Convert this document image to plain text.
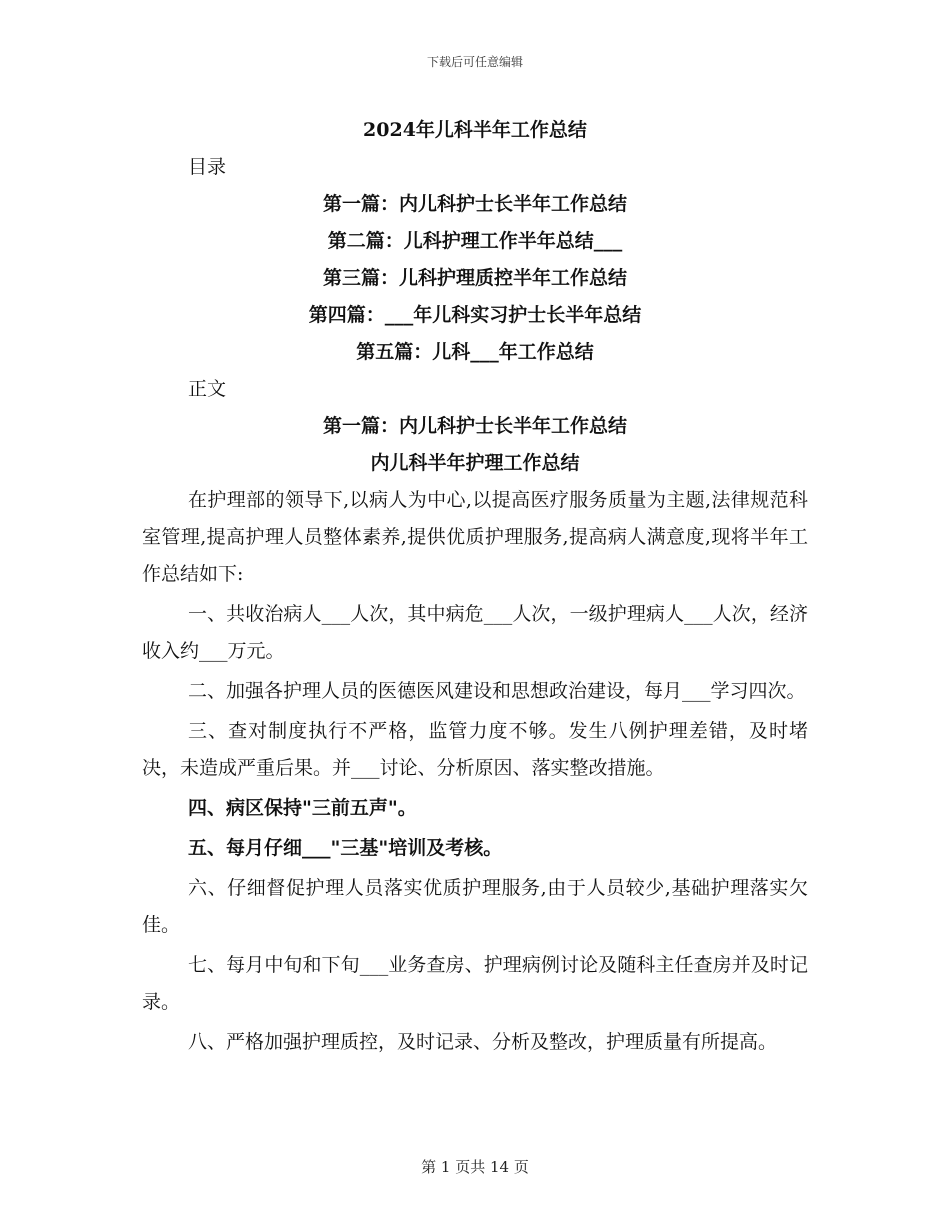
下载后可任意编辑
2024年儿科半年工作总结
目录
第一篇：内儿科护士长半年工作总结
第二篇：儿科护理工作半年总结___
第三篇：儿科护理质控半年工作总结
第四篇：___年儿科实习护士长半年总结
第五篇：儿科___年工作总结
正文
第一篇：内儿科护士长半年工作总结
内儿科半年护理工作总结

在护理部的领导下,以病人为中心,以提高医疗服务质量为主题,法律规范科室管理,提高护理人员整体素养,提供优质护理服务,提高病人满意度,现将半年工作总结如下:

一、共收治病人___人次，其中病危___人次，一级护理病人___人次，经济收入约___万元。

二、加强各护理人员的医德医风建设和思想政治建设，每月___学习四次。

三、查对制度执行不严格，监管力度不够。发生八例护理差错，及时堵决，未造成严重后果。并___讨论、分析原因、落实整改措施。

四、病区保持"三前五声"。

五、每月仔细___"三基"培训及考核。

六、仔细督促护理人员落实优质护理服务,由于人员较少,基础护理落实欠佳。

七、每月中旬和下旬___业务查房、护理病例讨论及随科主任查房并及时记录。

八、严格加强护理质控，及时记录、分析及整改，护理质量有所提高。

第 1 页共 14 页
